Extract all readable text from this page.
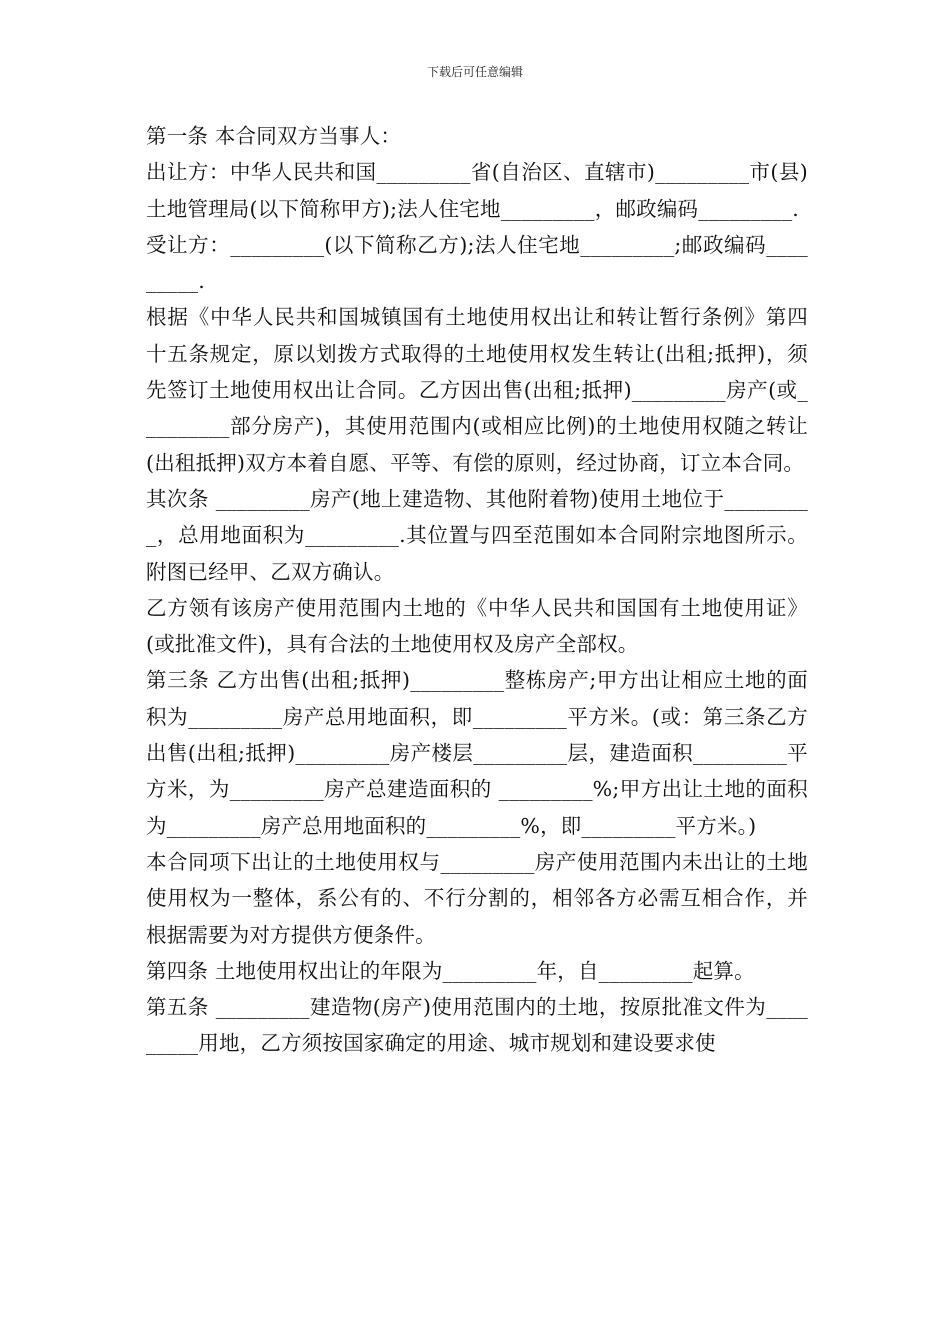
下载后可任意编辑

第一条 本合同双方当事人：

出让方：中华人民共和国_________省(自治区、直辖市)_________市(县)土地管理局(以下简称甲方);法人住宅地_________，邮政编码_________.

受让方：_________(以下简称乙方);法人住宅地_________;邮政编码_________.

根据《中华人民共和国城镇国有土地使用权出让和转让暂行条例》第四十五条规定，原以划拨方式取得的土地使用权发生转让(出租;抵押)，须先签订土地使用权出让合同。乙方因出售(出租;抵押)_________房产(或_________部分房产)，其使用范围内(或相应比例)的土地使用权随之转让(出租抵押)双方本着自愿、平等、有偿的原则，经过协商，订立本合同。

其次条 _________房产(地上建造物、其他附着物)使用土地位于_________，总用地面积为_________.其位置与四至范围如本合同附宗地图所示。附图已经甲、乙双方确认。

乙方领有该房产使用范围内土地的《中华人民共和国国有土地使用证》(或批准文件)，具有合法的土地使用权及房产全部权。

第三条 乙方出售(出租;抵押)_________整栋房产;甲方出让相应土地的面积为_________房产总用地面积，即_________平方米。(或：第三条乙方出售(出租;抵押)_________房产楼层_________层，建造面积_________平方米，为_________房产总建造面积的 _________%;甲方出让土地的面积为_________房产总用地面积的_________%，即_________平方米。)

本合同项下出让的土地使用权与_________房产使用范围内未出让的土地使用权为一整体，系公有的、不行分割的，相邻各方必需互相合作，并根据需要为对方提供方便条件。

第四条 土地使用权出让的年限为_________年，自_________起算。

第五条 _________建造物(房产)使用范围内的土地，按原批准文件为_________用地，乙方须按国家确定的用途、城市规划和建设要求使
